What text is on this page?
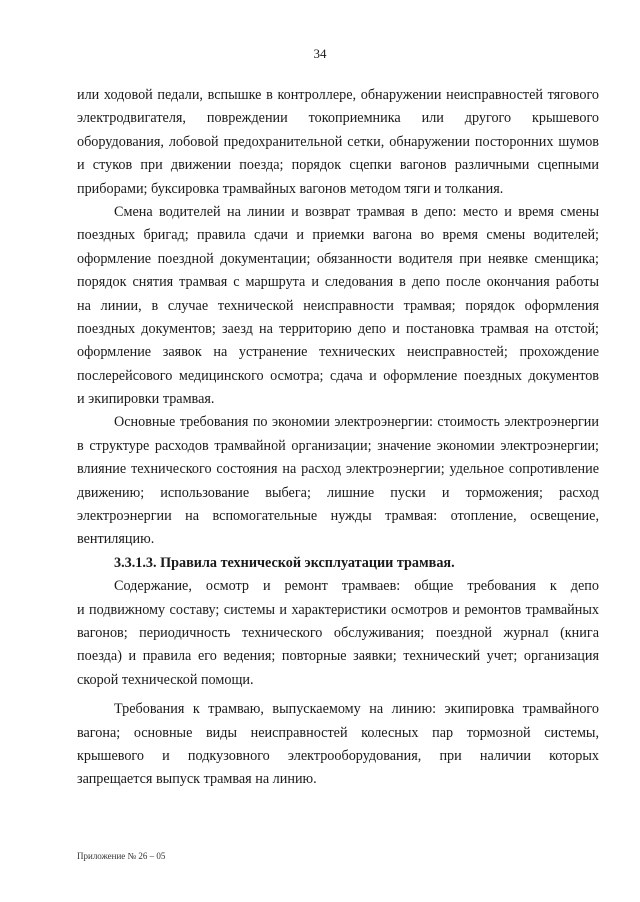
34
или ходовой педали, вспышке в контроллере, обнаружении неисправностей тягового
электродвигателя, повреждении токоприемника или другого крышевого
оборудования, лобовой предохранительной сетки, обнаружении посторонних шумов
и стуков при движении поезда; порядок сцепки вагонов различными сцепными
приборами; буксировка трамвайных вагонов методом тяги и толкания.
Смена водителей на линии и возврат трамвая в депо: место и время смены
поездных бригад; правила сдачи и приемки вагона во время смены водителей;
оформление поездной документации; обязанности водителя при неявке сменщика;
порядок снятия трамвая с маршрута и следования в депо после окончания работы
на линии, в случае технической неисправности трамвая; порядок оформления
поездных документов; заезд на территорию депо и постановка трамвая на отстой;
оформление заявок на устранение технических неисправностей; прохождение
послерейсового медицинского осмотра; сдача и оформление поездных документов
и экипировки трамвая.
Основные требования по экономии электроэнергии: стоимость электроэнергии
в структуре расходов трамвайной организации; значение экономии электроэнергии;
влияние технического состояния на расход электроэнергии; удельное сопротивление
движению; использование выбега; лишние пуски и торможения; расход
электроэнергии на вспомогательные нужды трамвая: отопление, освещение,
вентиляцию.
3.3.1.3. Правила технической эксплуатации трамвая.
Содержание, осмотр и ремонт трамваев: общие требования к депо
и подвижному составу; системы и характеристики осмотров и ремонтов трамвайных
вагонов; периодичность технического обслуживания; поездной журнал (книга
поезда) и правила его ведения; повторные заявки; технический учет; организация
скорой технической помощи.
Требования к трамваю, выпускаемому на линию: экипировка трамвайного
вагона; основные виды неисправностей колесных пар тормозной системы,
крышевого и подкузовного электрооборудования, при наличии которых
запрещается выпуск трамвая на линию.
Приложение № 26 – 05
